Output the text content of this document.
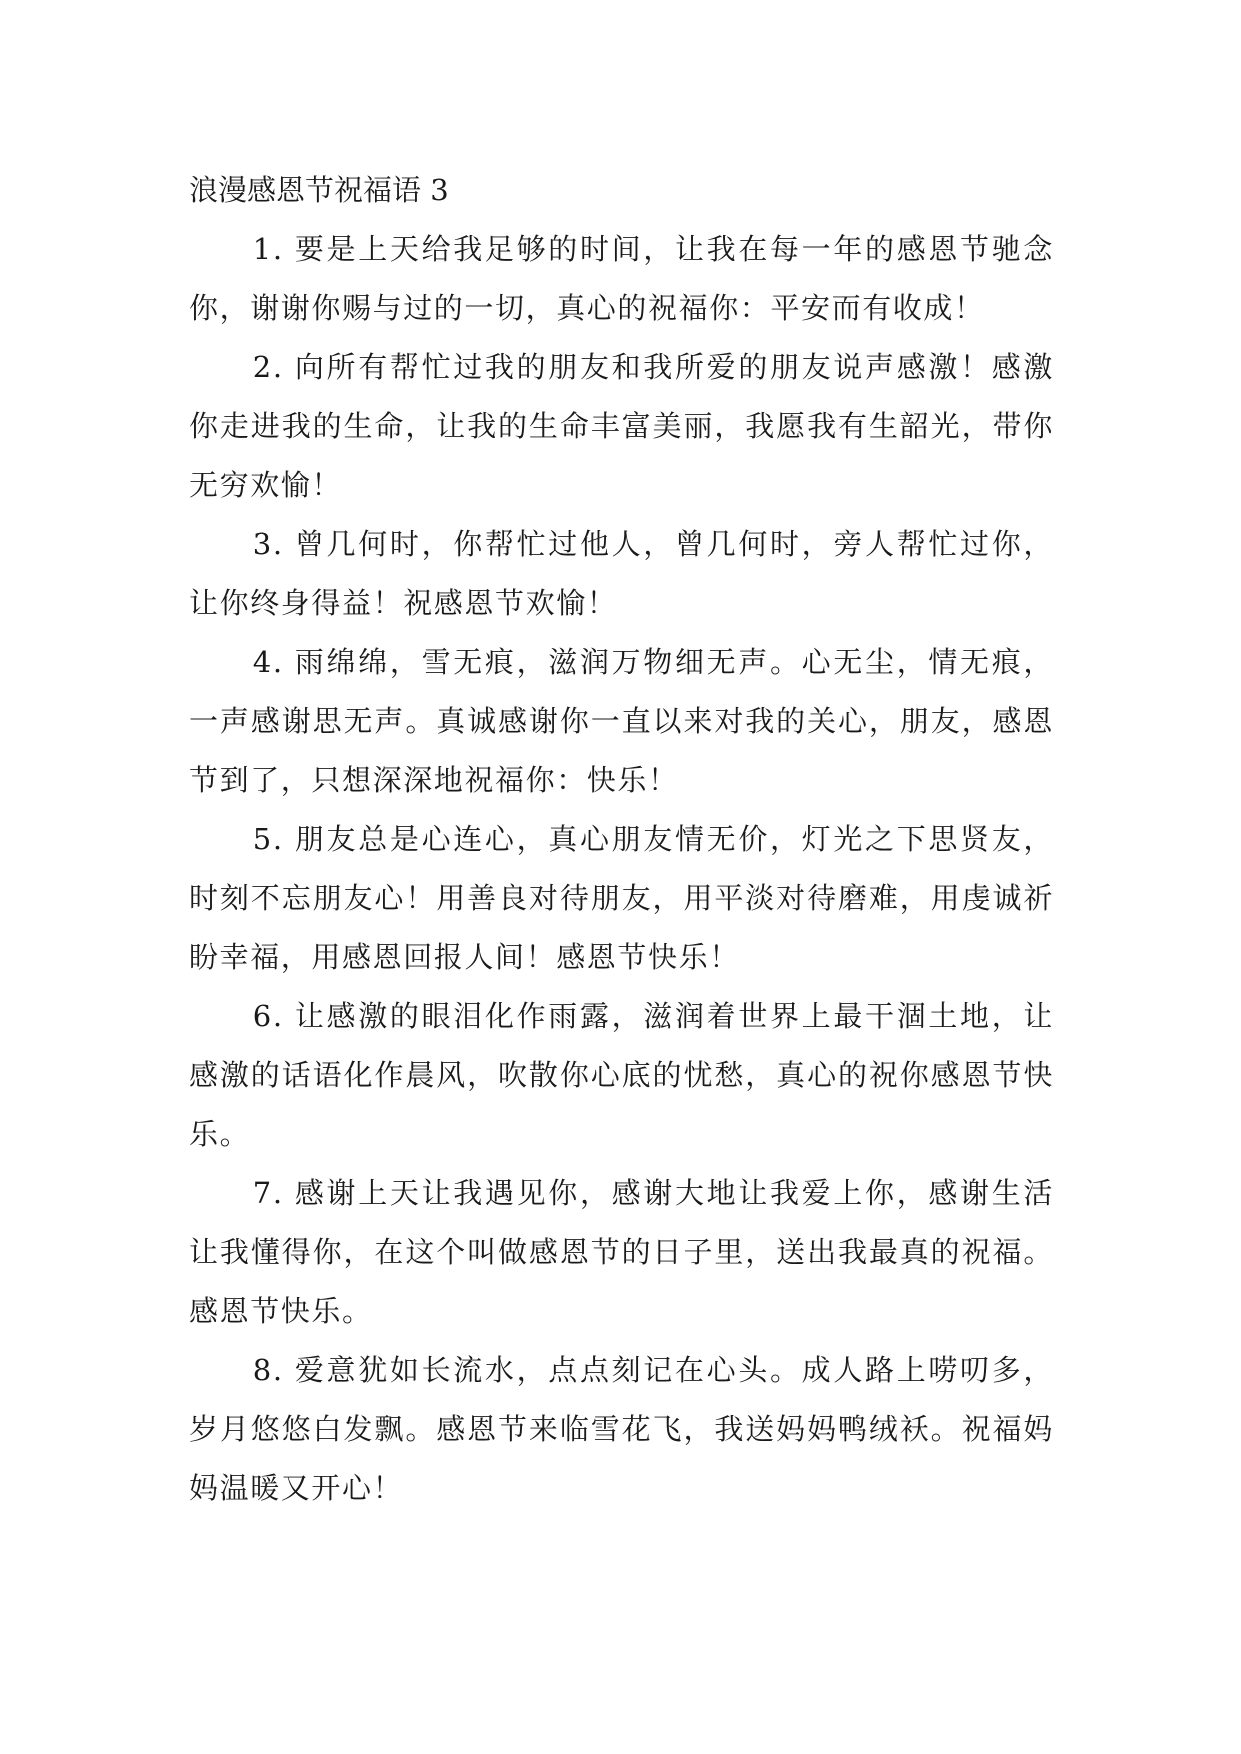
浪漫感恩节祝福语 3

1. 要是上天给我足够的时间，让我在每一年的感恩节驰念你，谢谢你赐与过的一切，真心的祝福你：平安而有收成！

2. 向所有帮忙过我的朋友和我所爱的朋友说声感激！感激你走进我的生命，让我的生命丰富美丽，我愿我有生韶光，带你无穷欢愉！

3. 曾几何时，你帮忙过他人，曾几何时，旁人帮忙过你，让你终身得益！祝感恩节欢愉！

4. 雨绵绵，雪无痕，滋润万物细无声。心无尘，情无痕，一声感谢思无声。真诚感谢你一直以来对我的关心，朋友，感恩节到了，只想深深地祝福你：快乐！

5. 朋友总是心连心，真心朋友情无价，灯光之下思贤友，时刻不忘朋友心！用善良对待朋友，用平淡对待磨难，用虔诚祈盼幸福，用感恩回报人间！感恩节快乐！

6. 让感激的眼泪化作雨露，滋润着世界上最干涸土地，让感激的话语化作晨风，吹散你心底的忧愁，真心的祝你感恩节快乐。

7. 感谢上天让我遇见你，感谢大地让我爱上你，感谢生活让我懂得你，在这个叫做感恩节的日子里，送出我最真的祝福。感恩节快乐。

8. 爱意犹如长流水，点点刻记在心头。成人路上唠叨多，岁月悠悠白发飘。感恩节来临雪花飞，我送妈妈鸭绒袄。祝福妈妈温暖又开心！
